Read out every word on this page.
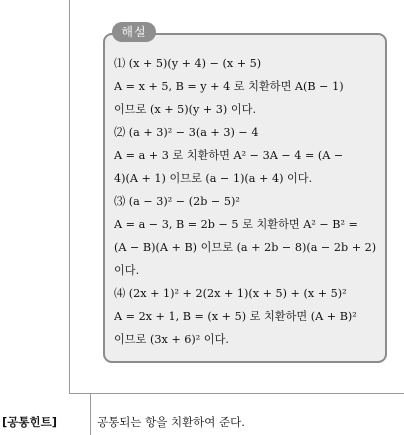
해설
⑴ (x + 5)(y + 4) − (x + 5)
A = x + 5, B = y + 4 로 치환하면 A(B − 1)
이므로 (x + 5)(y + 3) 이다.
⑵ (a + 3)² − 3(a + 3) − 4
A = a + 3 로 치환하면 A² − 3A − 4 = (A −
4)(A + 1) 이므로 (a − 1)(a + 4) 이다.
⑶ (a − 3)² − (2b − 5)²
A = a − 3, B = 2b − 5 로 치환하면 A² − B² =
(A − B)(A + B) 이므로 (a + 2b − 8)(a − 2b + 2)
이다.
⑷ (2x + 1)² + 2(2x + 1)(x + 5) + (x + 5)²
A = 2x + 1, B = (x + 5) 로 치환하면 (A + B)²
이므로 (3x + 6)² 이다.
[공통힌트]	공통되는 항을 치환하여 준다.
